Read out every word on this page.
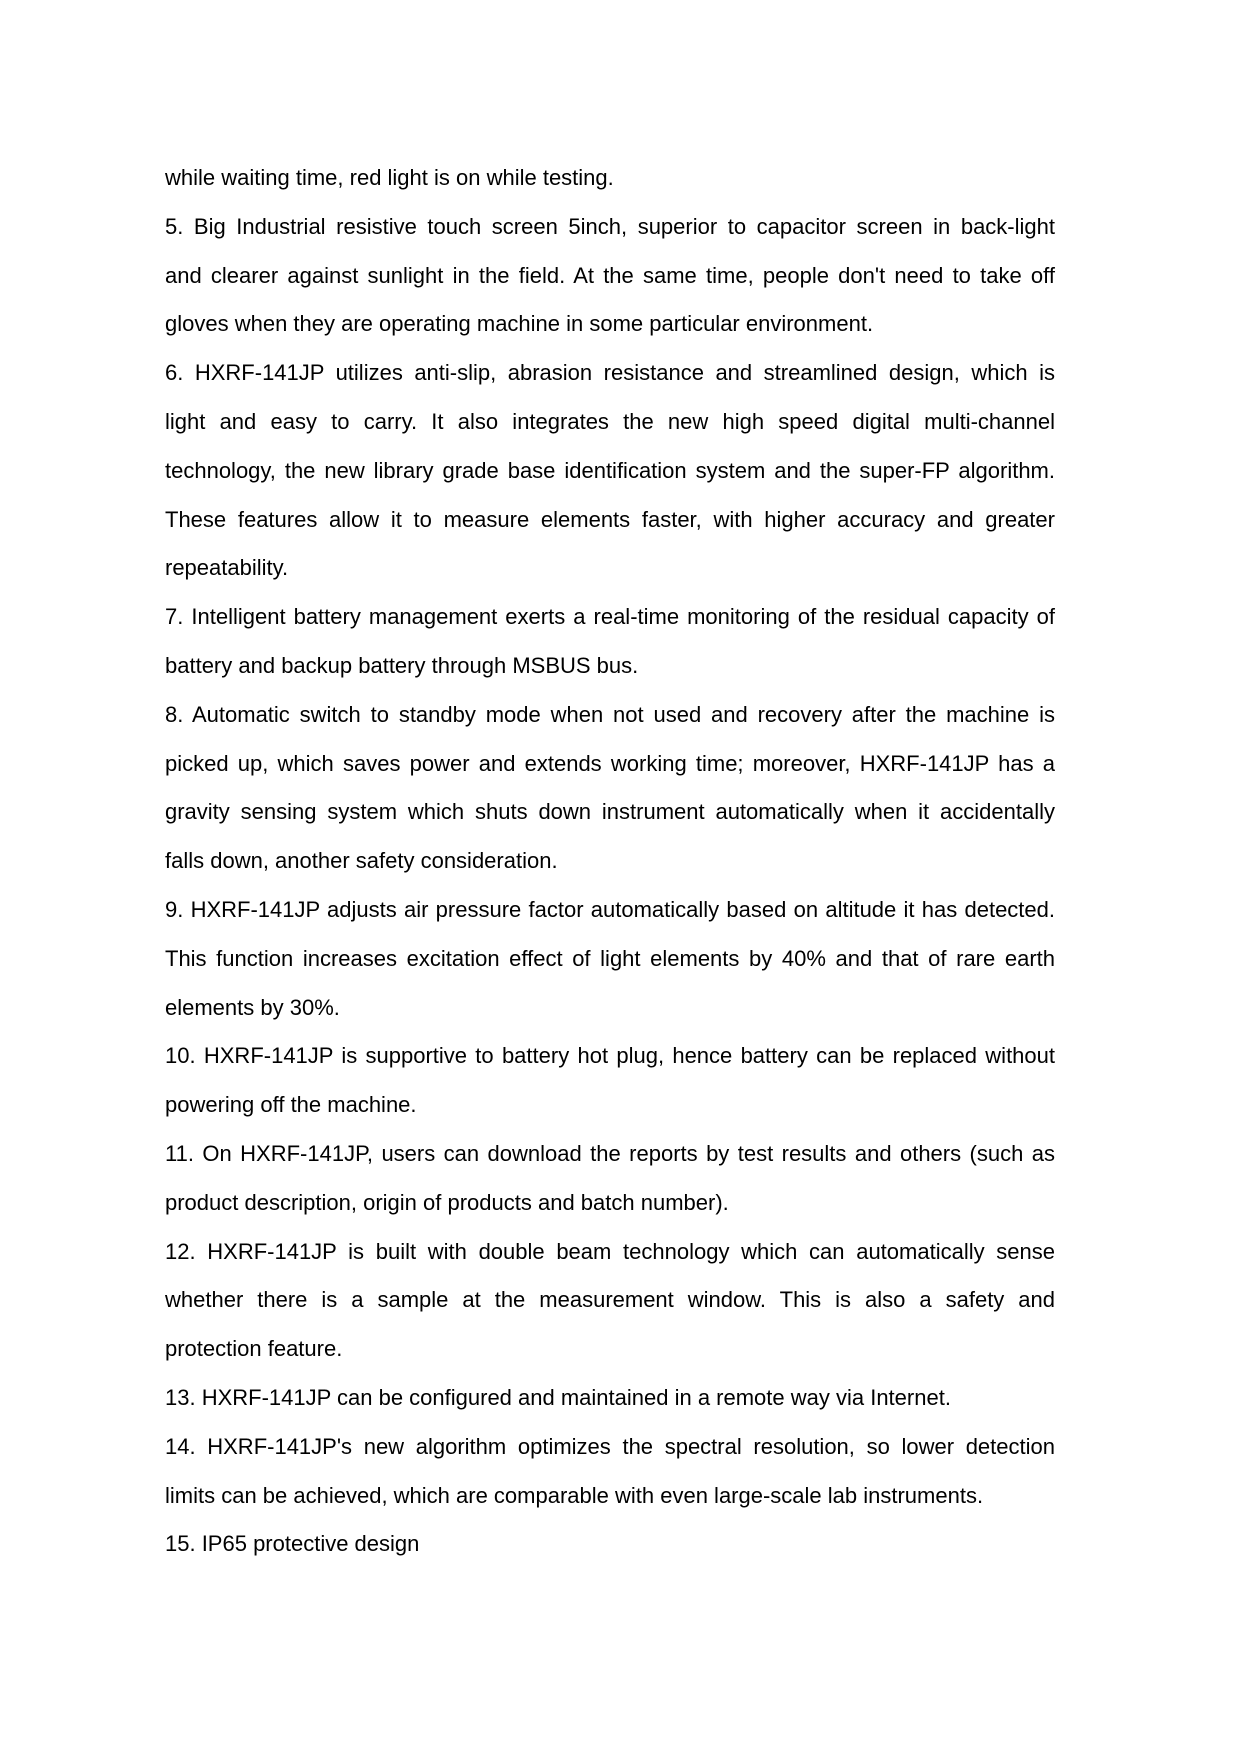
while waiting time, red light is on while testing.
5. Big Industrial resistive touch screen 5inch, superior to capacitor screen in back-light
and clearer against sunlight in the field. At the same time, people don't need to take off
gloves when they are operating machine in some particular environment.
6. HXRF-141JP utilizes anti-slip, abrasion resistance and streamlined design, which is
light and easy to carry. It also integrates the new high speed digital multi-channel
technology, the new library grade base identification system and the super-FP algorithm.
These features allow it to measure elements faster, with higher accuracy and greater
repeatability.
7. Intelligent battery management exerts a real-time monitoring of the residual capacity of
battery and backup battery through MSBUS bus.
8. Automatic switch to standby mode when not used and recovery after the machine is
picked up, which saves power and extends working time; moreover, HXRF-141JP has a
gravity sensing system which shuts down instrument automatically when it accidentally
falls down, another safety consideration.
9. HXRF-141JP adjusts air pressure factor automatically based on altitude it has detected.
This function increases excitation effect of light elements by 40% and that of rare earth
elements by 30%.
10. HXRF-141JP is supportive to battery hot plug, hence battery can be replaced without
powering off the machine.
11. On HXRF-141JP, users can download the reports by test results and others (such as
product description, origin of products and batch number).
12. HXRF-141JP is built with double beam technology which can automatically sense
whether there is a sample at the measurement window. This is also a safety and
protection feature.
13. HXRF-141JP can be configured and maintained in a remote way via Internet.
14. HXRF-141JP's new algorithm optimizes the spectral resolution, so lower detection
limits can be achieved, which are comparable with even large-scale lab instruments.
15. IP65 protective design
